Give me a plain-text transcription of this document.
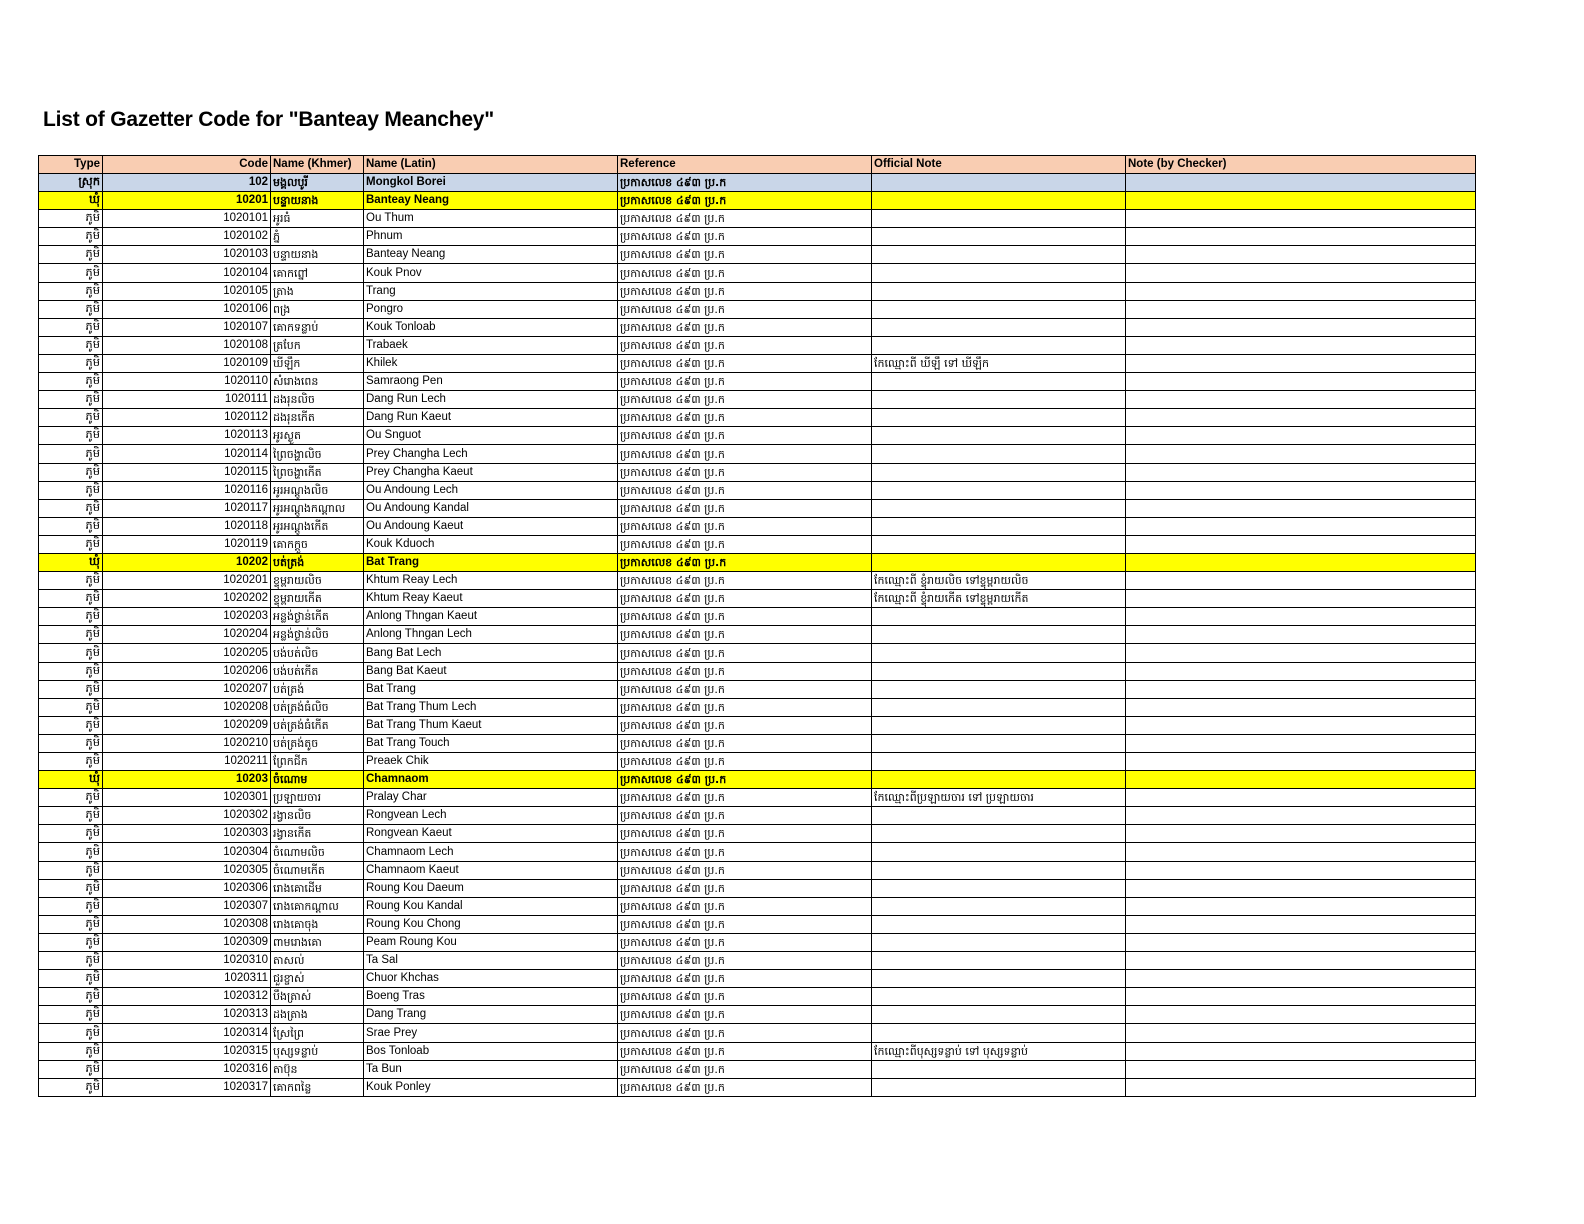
List of Gazetter Code for "Banteay Meanchey"
Type	Code	Name (Khmer)	Name (Latin)	Reference	Official Note	Note (by Checker)
ស្រុក	102	មង្គលបូរី	Mongkol Borei	ប្រកាសលេខ ៤៩៣ ប្រ.ក		
ឃុំ	10201	បន្ទាយនាង	Banteay Neang	ប្រកាសលេខ ៤៩៣ ប្រ.ក		
ភូមិ	1020101	អូរធំ	Ou Thum	ប្រកាសលេខ ៤៩៣ ប្រ.ក		
ភូមិ	1020102	ភ្នំ	Phnum	ប្រកាសលេខ ៤៩៣ ប្រ.ក		
ភូមិ	1020103	បន្ទាយនាង	Banteay Neang	ប្រកាសលេខ ៤៩៣ ប្រ.ក		
ភូមិ	1020104	គោកព្នៅ	Kouk Pnov	ប្រកាសលេខ ៤៩៣ ប្រ.ក		
ភូមិ	1020105	ត្រាង	Trang	ប្រកាសលេខ ៤៩៣ ប្រ.ក		
ភូមិ	1020106	ពង្រ	Pongro	ប្រកាសលេខ ៤៩៣ ប្រ.ក		
ភូមិ	1020107	គោកទន្លាប់	Kouk Tonloab	ប្រកាសលេខ ៤៩៣ ប្រ.ក		
ភូមិ	1020108	ត្របែក	Trabaek	ប្រកាសលេខ ៤៩៣ ប្រ.ក		
ភូមិ	1020109	ឃីឡឹក	Khilek	ប្រកាសលេខ ៤៩៣ ប្រ.ក	កែឈ្មោះពី ឃីឡឹ ទៅ ឃីឡឹក	
ភូមិ	1020110	សំរោងពេន	Samraong Pen	ប្រកាសលេខ ៤៩៣ ប្រ.ក		
ភូមិ	1020111	ដងរុនលិច	Dang Run Lech	ប្រកាសលេខ ៤៩៣ ប្រ.ក		
ភូមិ	1020112	ដងរុនកើត	Dang Run Kaeut	ប្រកាសលេខ ៤៩៣ ប្រ.ក		
ភូមិ	1020113	អូរស្ងួត	Ou Snguot	ប្រកាសលេខ ៤៩៣ ប្រ.ក		
ភូមិ	1020114	ព្រៃចង្ហាលិច	Prey Changha Lech	ប្រកាសលេខ ៤៩៣ ប្រ.ក		
ភូមិ	1020115	ព្រៃចង្ហាកើត	Prey Changha Kaeut	ប្រកាសលេខ ៤៩៣ ប្រ.ក		
ភូមិ	1020116	អូរអណ្ដូងលិច	Ou Andoung Lech	ប្រកាសលេខ ៤៩៣ ប្រ.ក		
ភូមិ	1020117	អូរអណ្ដូងកណ្ដាល	Ou Andoung Kandal	ប្រកាសលេខ ៤៩៣ ប្រ.ក		
ភូមិ	1020118	អូរអណ្ដូងកើត	Ou Andoung Kaeut	ប្រកាសលេខ ៤៩៣ ប្រ.ក		
ភូមិ	1020119	គោកក្ដួច	Kouk Kduoch	ប្រកាសលេខ ៤៩៣ ប្រ.ក		
ឃុំ	10202	បត់ត្រង់	Bat Trang	ប្រកាសលេខ ៤៩៣ ប្រ.ក		
ភូមិ	1020201	ខ្ទុម្ពរាយលិច	Khtum Reay Lech	ប្រកាសលេខ ៤៩៣ ប្រ.ក	កែឈ្មោះពី ខ្ទុំរាយលិច ទៅខ្ទុម្ពរាយលិច	
ភូមិ	1020202	ខ្ទុម្ពរាយកើត	Khtum Reay Kaeut	ប្រកាសលេខ ៤៩៣ ប្រ.ក	កែឈ្មោះពី ខ្ទុំរាយកើត ទៅខ្ទុម្ពរាយកើត	
ភូមិ	1020203	អន្លង់ថ្ងាន់កើត	Anlong Thngan Kaeut	ប្រកាសលេខ ៤៩៣ ប្រ.ក		
ភូមិ	1020204	អន្លង់ថ្ងាន់លិច	Anlong Thngan Lech	ប្រកាសលេខ ៤៩៣ ប្រ.ក		
ភូមិ	1020205	បង់បត់លិច	Bang Bat Lech	ប្រកាសលេខ ៤៩៣ ប្រ.ក		
ភូមិ	1020206	បង់បត់កើត	Bang Bat Kaeut	ប្រកាសលេខ ៤៩៣ ប្រ.ក		
ភូមិ	1020207	បត់ត្រង់	Bat Trang	ប្រកាសលេខ ៤៩៣ ប្រ.ក		
ភូមិ	1020208	បត់ត្រង់ធំលិច	Bat Trang Thum Lech	ប្រកាសលេខ ៤៩៣ ប្រ.ក		
ភូមិ	1020209	បត់ត្រង់ធំកើត	Bat Trang Thum Kaeut	ប្រកាសលេខ ៤៩៣ ប្រ.ក		
ភូមិ	1020210	បត់ត្រង់តូច	Bat Trang Touch	ប្រកាសលេខ ៤៩៣ ប្រ.ក		
ភូមិ	1020211	ព្រែកជីក	Preaek Chik	ប្រកាសលេខ ៤៩៣ ប្រ.ក		
ឃុំ	10203	ចំណោម	Chamnaom	ប្រកាសលេខ ៤៩៣ ប្រ.ក		
ភូមិ	1020301	ប្រឡាយចារ	Pralay Char	ប្រកាសលេខ ៤៩៣ ប្រ.ក	កែឈ្មោះពីប្រឡាយចារ ទៅ ប្រឡាយចារ	
ភូមិ	1020302	រង្វានលិច	Rongvean Lech	ប្រកាសលេខ ៤៩៣ ប្រ.ក		
ភូមិ	1020303	រង្វានកើត	Rongvean Kaeut	ប្រកាសលេខ ៤៩៣ ប្រ.ក		
ភូមិ	1020304	ចំណោមលិច	Chamnaom Lech	ប្រកាសលេខ ៤៩៣ ប្រ.ក		
ភូមិ	1020305	ចំណោមកើត	Chamnaom Kaeut	ប្រកាសលេខ ៤៩៣ ប្រ.ក		
ភូមិ	1020306	រោងគោដើម	Roung Kou Daeum	ប្រកាសលេខ ៤៩៣ ប្រ.ក		
ភូមិ	1020307	រោងគោកណ្ដាល	Roung Kou Kandal	ប្រកាសលេខ ៤៩៣ ប្រ.ក		
ភូមិ	1020308	រោងគោចុង	Roung Kou Chong	ប្រកាសលេខ ៤៩៣ ប្រ.ក		
ភូមិ	1020309	ពាមរោងគោ	Peam Roung Kou	ប្រកាសលេខ ៤៩៣ ប្រ.ក		
ភូមិ	1020310	តាសល់	Ta Sal	ប្រកាសលេខ ៤៩៣ ប្រ.ក		
ភូមិ	1020311	ជួរខ្ចាស់	Chuor Khchas	ប្រកាសលេខ ៤៩៣ ប្រ.ក		
ភូមិ	1020312	បឹងត្រាស់	Boeng Tras	ប្រកាសលេខ ៤៩៣ ប្រ.ក		
ភូមិ	1020313	ដងត្រាង	Dang Trang	ប្រកាសលេខ ៤៩៣ ប្រ.ក		
ភូមិ	1020314	ស្រែព្រៃ	Srae Prey	ប្រកាសលេខ ៤៩៣ ប្រ.ក		
ភូមិ	1020315	បុស្សទន្លាប់	Bos Tonloab	ប្រកាសលេខ ៤៩៣ ប្រ.ក	កែឈ្មោះពីបុស្សទន្លាប់ ទៅ បុស្សទន្លាប់	
ភូមិ	1020316	តាប៊ុន	Ta Bun	ប្រកាសលេខ ៤៩៣ ប្រ.ក		
ភូមិ	1020317	គោកពន្លៃ	Kouk Ponley	ប្រកាសលេខ ៤៩៣ ប្រ.ក		
